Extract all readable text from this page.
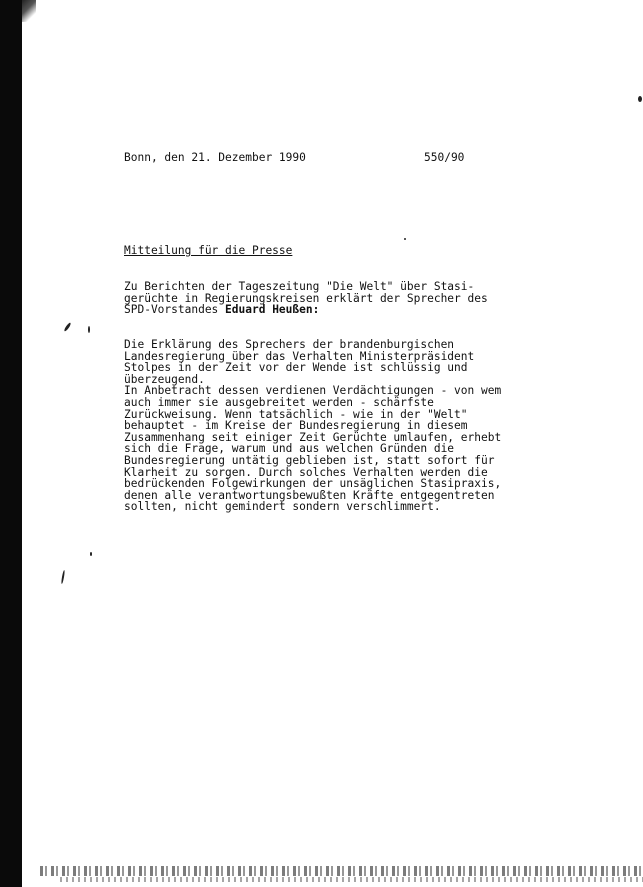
Bonn, den 21. Dezember 1990	550/90
Mitteilung für die Presse
Zu Berichten der Tageszeitung "Die Welt" über Stasi-
gerüchte in Regierungskreisen erklärt der Sprecher des
SPD-Vorstandes Eduard Heußen:
Die Erklärung des Sprechers der brandenburgischen
Landesregierung über das Verhalten Ministerpräsident
Stolpes in der Zeit vor der Wende ist schlüssig und
überzeugend.
In Anbetracht dessen verdienen Verdächtigungen - von wem
auch immer sie ausgebreitet werden - schärfste
Zurückweisung. Wenn tatsächlich - wie in der "Welt"
behauptet - im Kreise der Bundesregierung in diesem
Zusammenhang seit einiger Zeit Gerüchte umlaufen, erhebt
sich die Frage, warum und aus welchen Gründen die
Bundesregierung untätig geblieben ist, statt sofort für
Klarheit zu sorgen. Durch solches Verhalten werden die
bedrückenden Folgewirkungen der unsäglichen Stasipraxis,
denen alle verantwortungsbewußten Kräfte entgegentreten
sollten, nicht gemindert sondern verschlimmert.
